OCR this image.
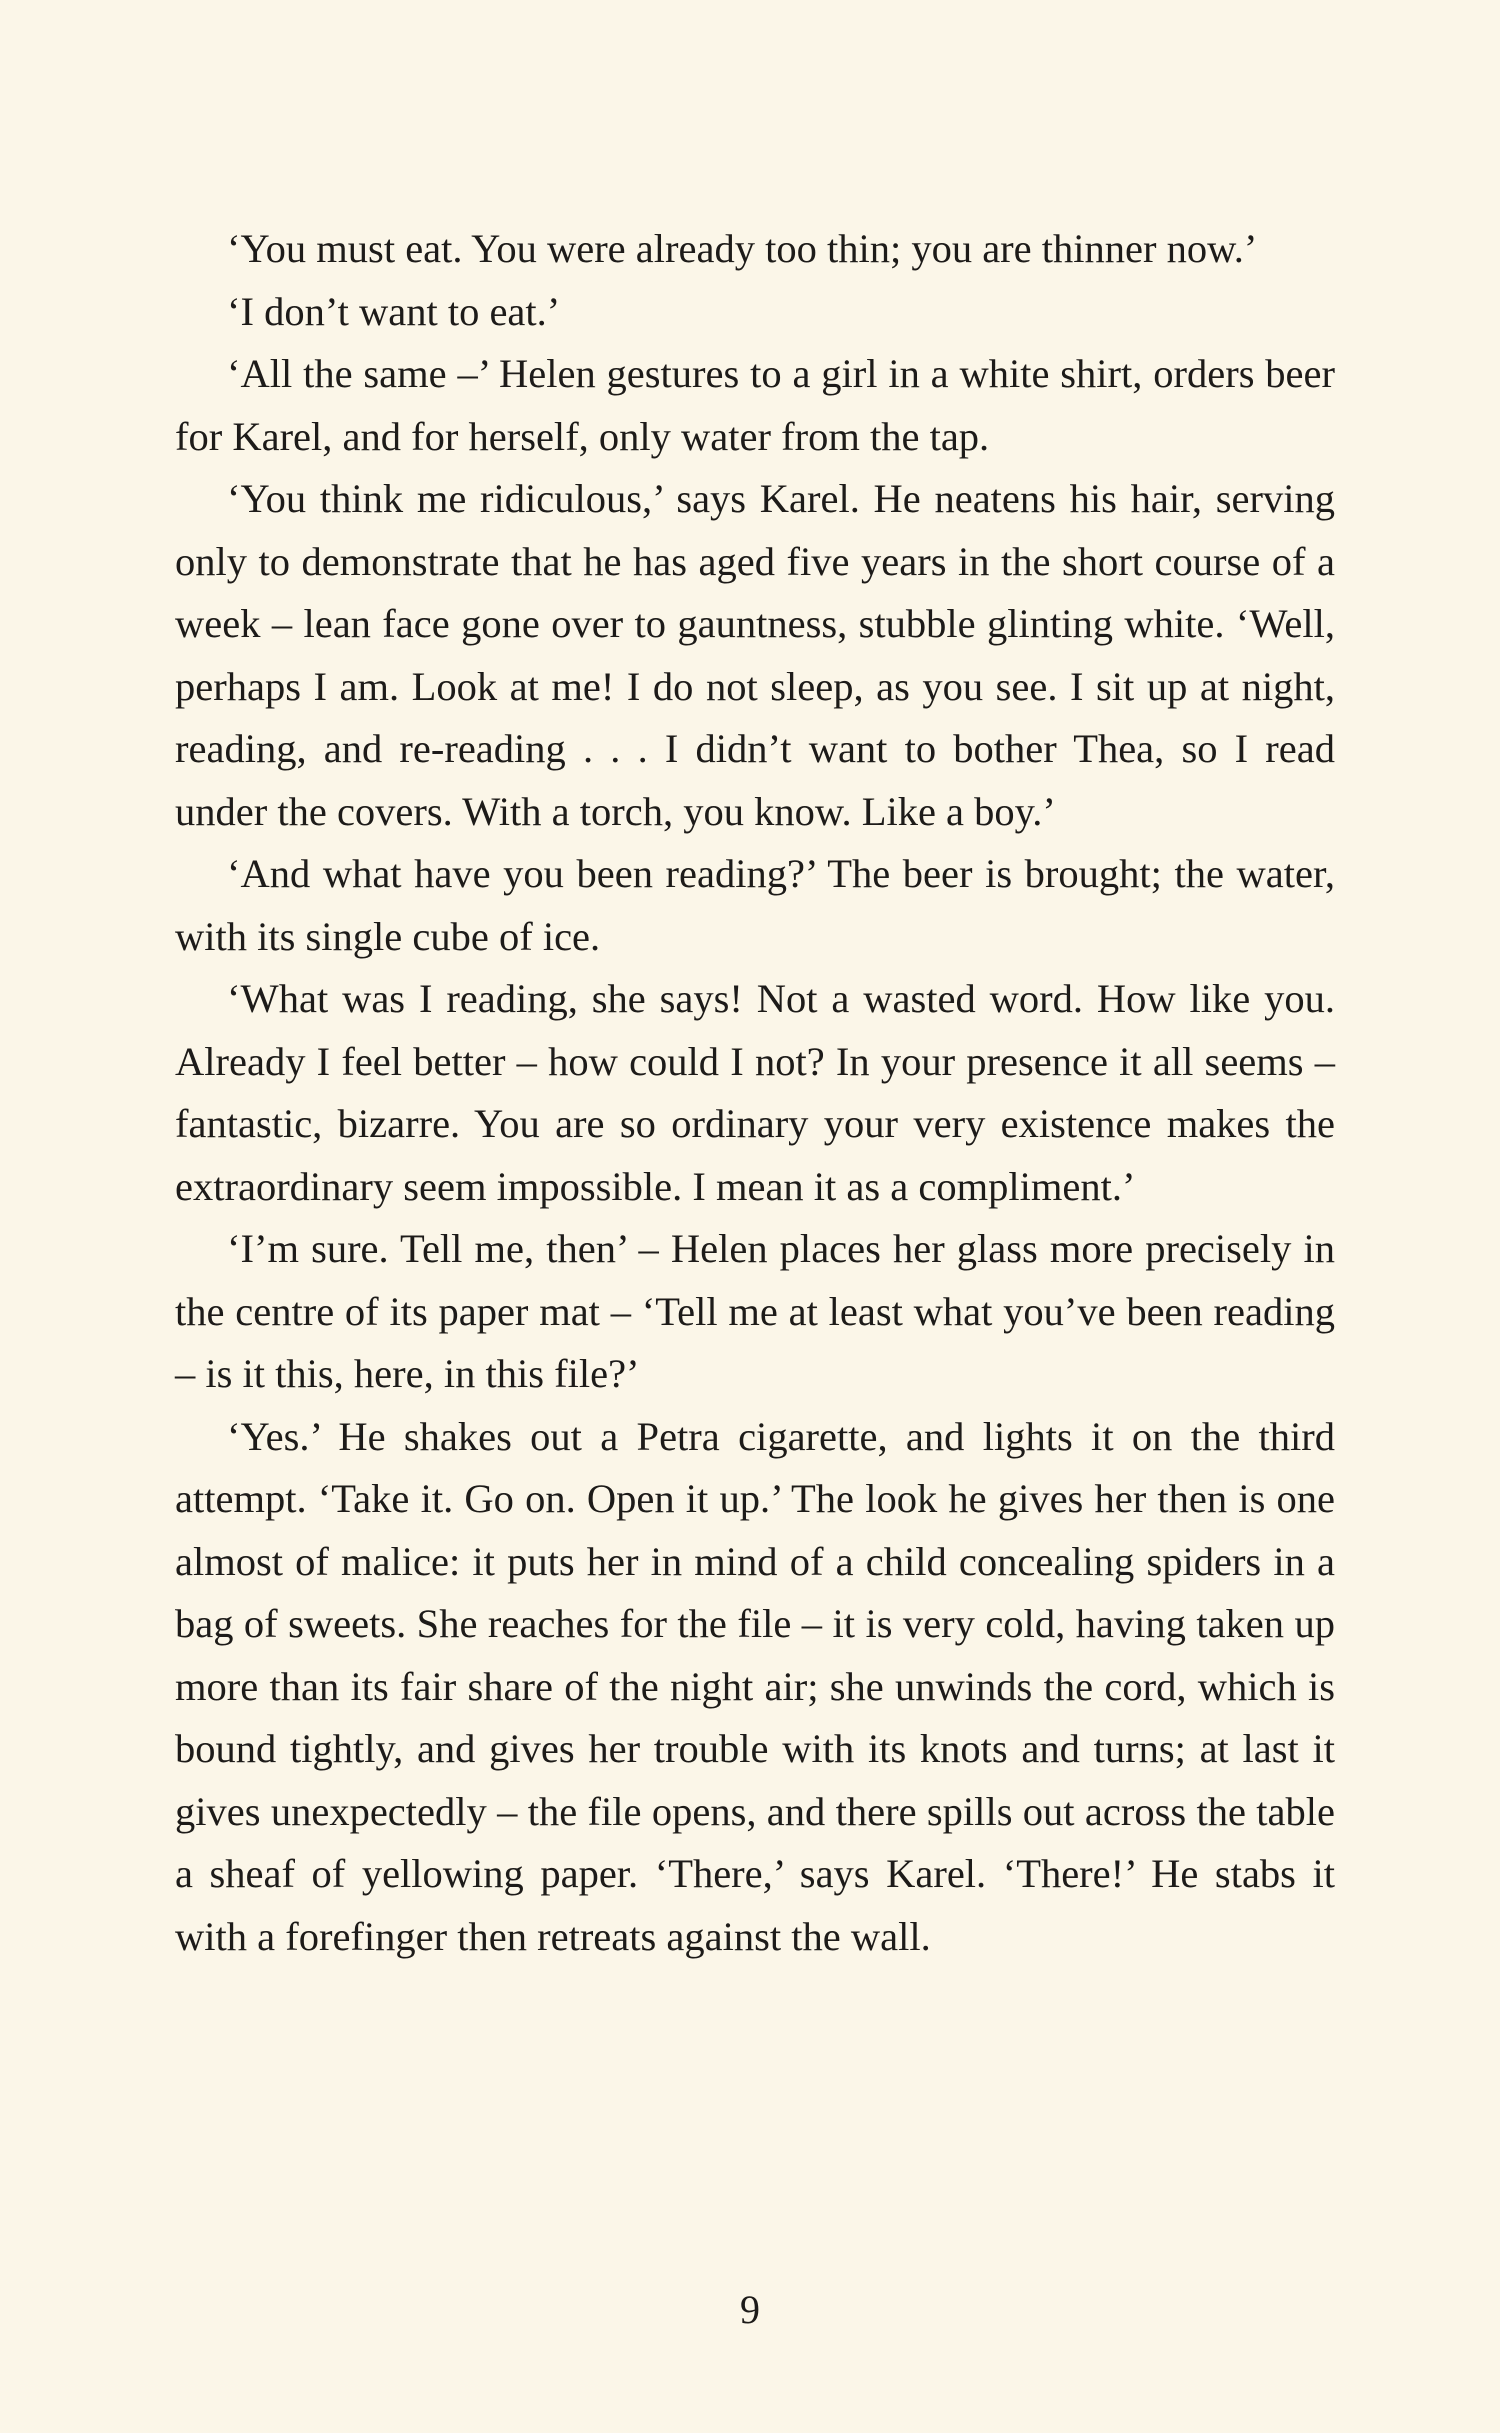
‘You must eat. You were already too thin; you are thinner now.’

‘I don’t want to eat.’

‘All the same –’ Helen gestures to a girl in a white shirt, orders beer for Karel, and for herself, only water from the tap.

‘You think me ridiculous,’ says Karel. He neatens his hair, serving only to demonstrate that he has aged five years in the short course of a week – lean face gone over to gauntness, stubble glinting white. ‘Well, perhaps I am. Look at me! I do not sleep, as you see. I sit up at night, reading, and re-reading . . . I didn’t want to bother Thea, so I read under the covers. With a torch, you know. Like a boy.’

‘And what have you been reading?’ The beer is brought; the water, with its single cube of ice.

‘What was I reading, she says! Not a wasted word. How like you. Already I feel better – how could I not? In your presence it all seems – fantastic, bizarre. You are so ordinary your very existence makes the extraordinary seem impossible. I mean it as a compliment.’

‘I’m sure. Tell me, then’ – Helen places her glass more precisely in the centre of its paper mat – ‘Tell me at least what you’ve been reading – is it this, here, in this file?’

‘Yes.’ He shakes out a Petra cigarette, and lights it on the third attempt. ‘Take it. Go on. Open it up.’ The look he gives her then is one almost of malice: it puts her in mind of a child concealing spiders in a bag of sweets. She reaches for the file – it is very cold, having taken up more than its fair share of the night air; she unwinds the cord, which is bound tightly, and gives her trouble with its knots and turns; at last it gives unexpectedly – the file opens, and there spills out across the table a sheaf of yellowing paper. ‘There,’ says Karel. ‘There!’ He stabs it with a forefinger then retreats against the wall.

9
